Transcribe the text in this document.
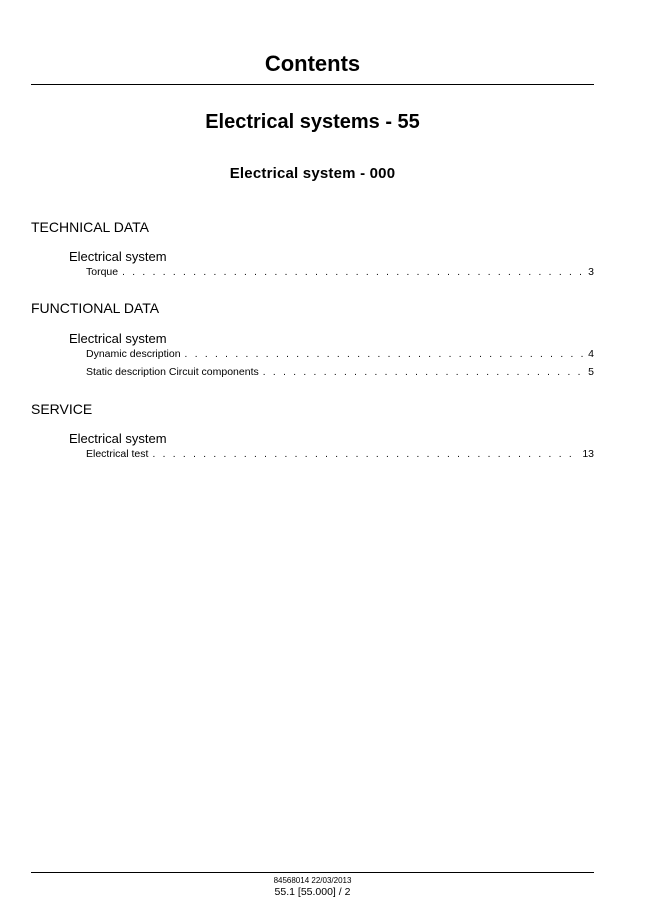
Contents
Electrical systems - 55
Electrical system - 000
TECHNICAL DATA
Electrical system
Torque . . .	3
FUNCTIONAL DATA
Electrical system
Dynamic description . . .	4
Static description Circuit components . . .	5
SERVICE
Electrical system
Electrical test . . .	13
84568014 22/03/2013
55.1 [55.000] / 2
